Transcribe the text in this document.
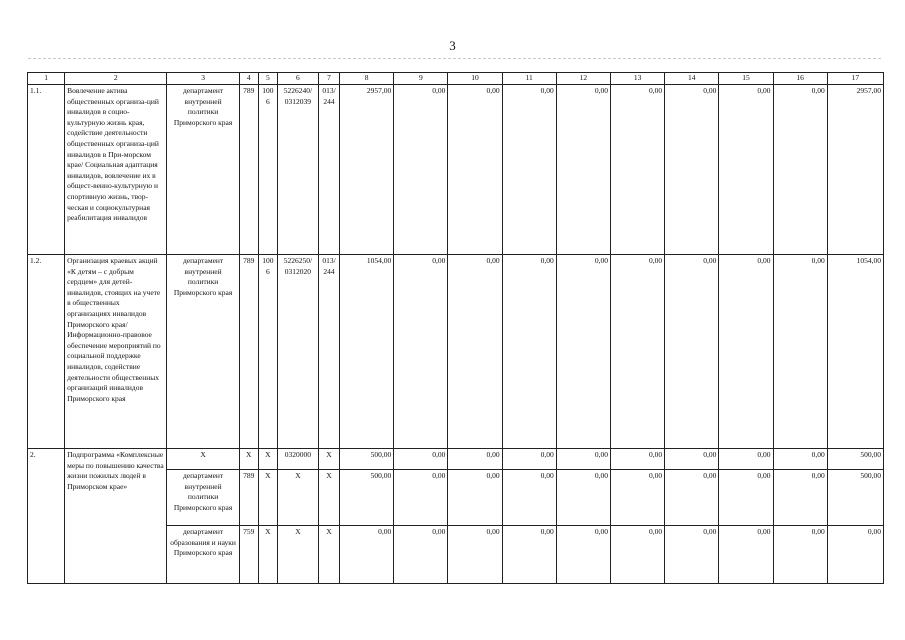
3
1	2	3	4	5	6	7	8	9	10	11	12	13	14	15	16	17
1.1.	Вовлечение актива общественных организа-ций инвалидов в социо-культурную жизнь края, содействие деятельности общественных организа-ций инвалидов в При-морском крае/ Социальная адаптация инвалидов, вовлечение их в общест-венно-культурную и спортивную жизнь, твор-ческая и социокультурная реабилитация инвалидов	департамент внутренней политики Приморского края	789	1006	5226240/ 0312039	013/ 244	2957,00	0,00	0,00	0,00	0,00	0,00	0,00	0,00	0,00	2957,00
1.2.	Организация краевых акций «К детям – с добрым сердцем» для детей-инвалидов, стоящих на учете в общественных организациях инвалидов Приморского края/ Информационно-правовое обеспечение мероприятий по социальной поддержке инвалидов, содействие деятельности общественных организаций инвалидов Приморского края	департамент внутренней политики Приморского края	789	1006	5226250/ 0312020	013/ 244	1054,00	0,00	0,00	0,00	0,00	0,00	0,00	0,00	0,00	1054,00
2.	Подпрограмма «Комплексные меры по повышению качества жизни пожилых людей в Приморском крае»	Х	Х	Х	0320000	Х	500,00	0,00	0,00	0,00	0,00	0,00	0,00	0,00	0,00	500,00
		департамент внутренней политики Приморского края	789	Х	Х	Х	500,00	0,00	0,00	0,00	0,00	0,00	0,00	0,00	0,00	500,00
		департамент образования и науки Приморского края	759	Х	Х	Х	0,00	0,00	0,00	0,00	0,00	0,00	0,00	0,00	0,00	0,00
